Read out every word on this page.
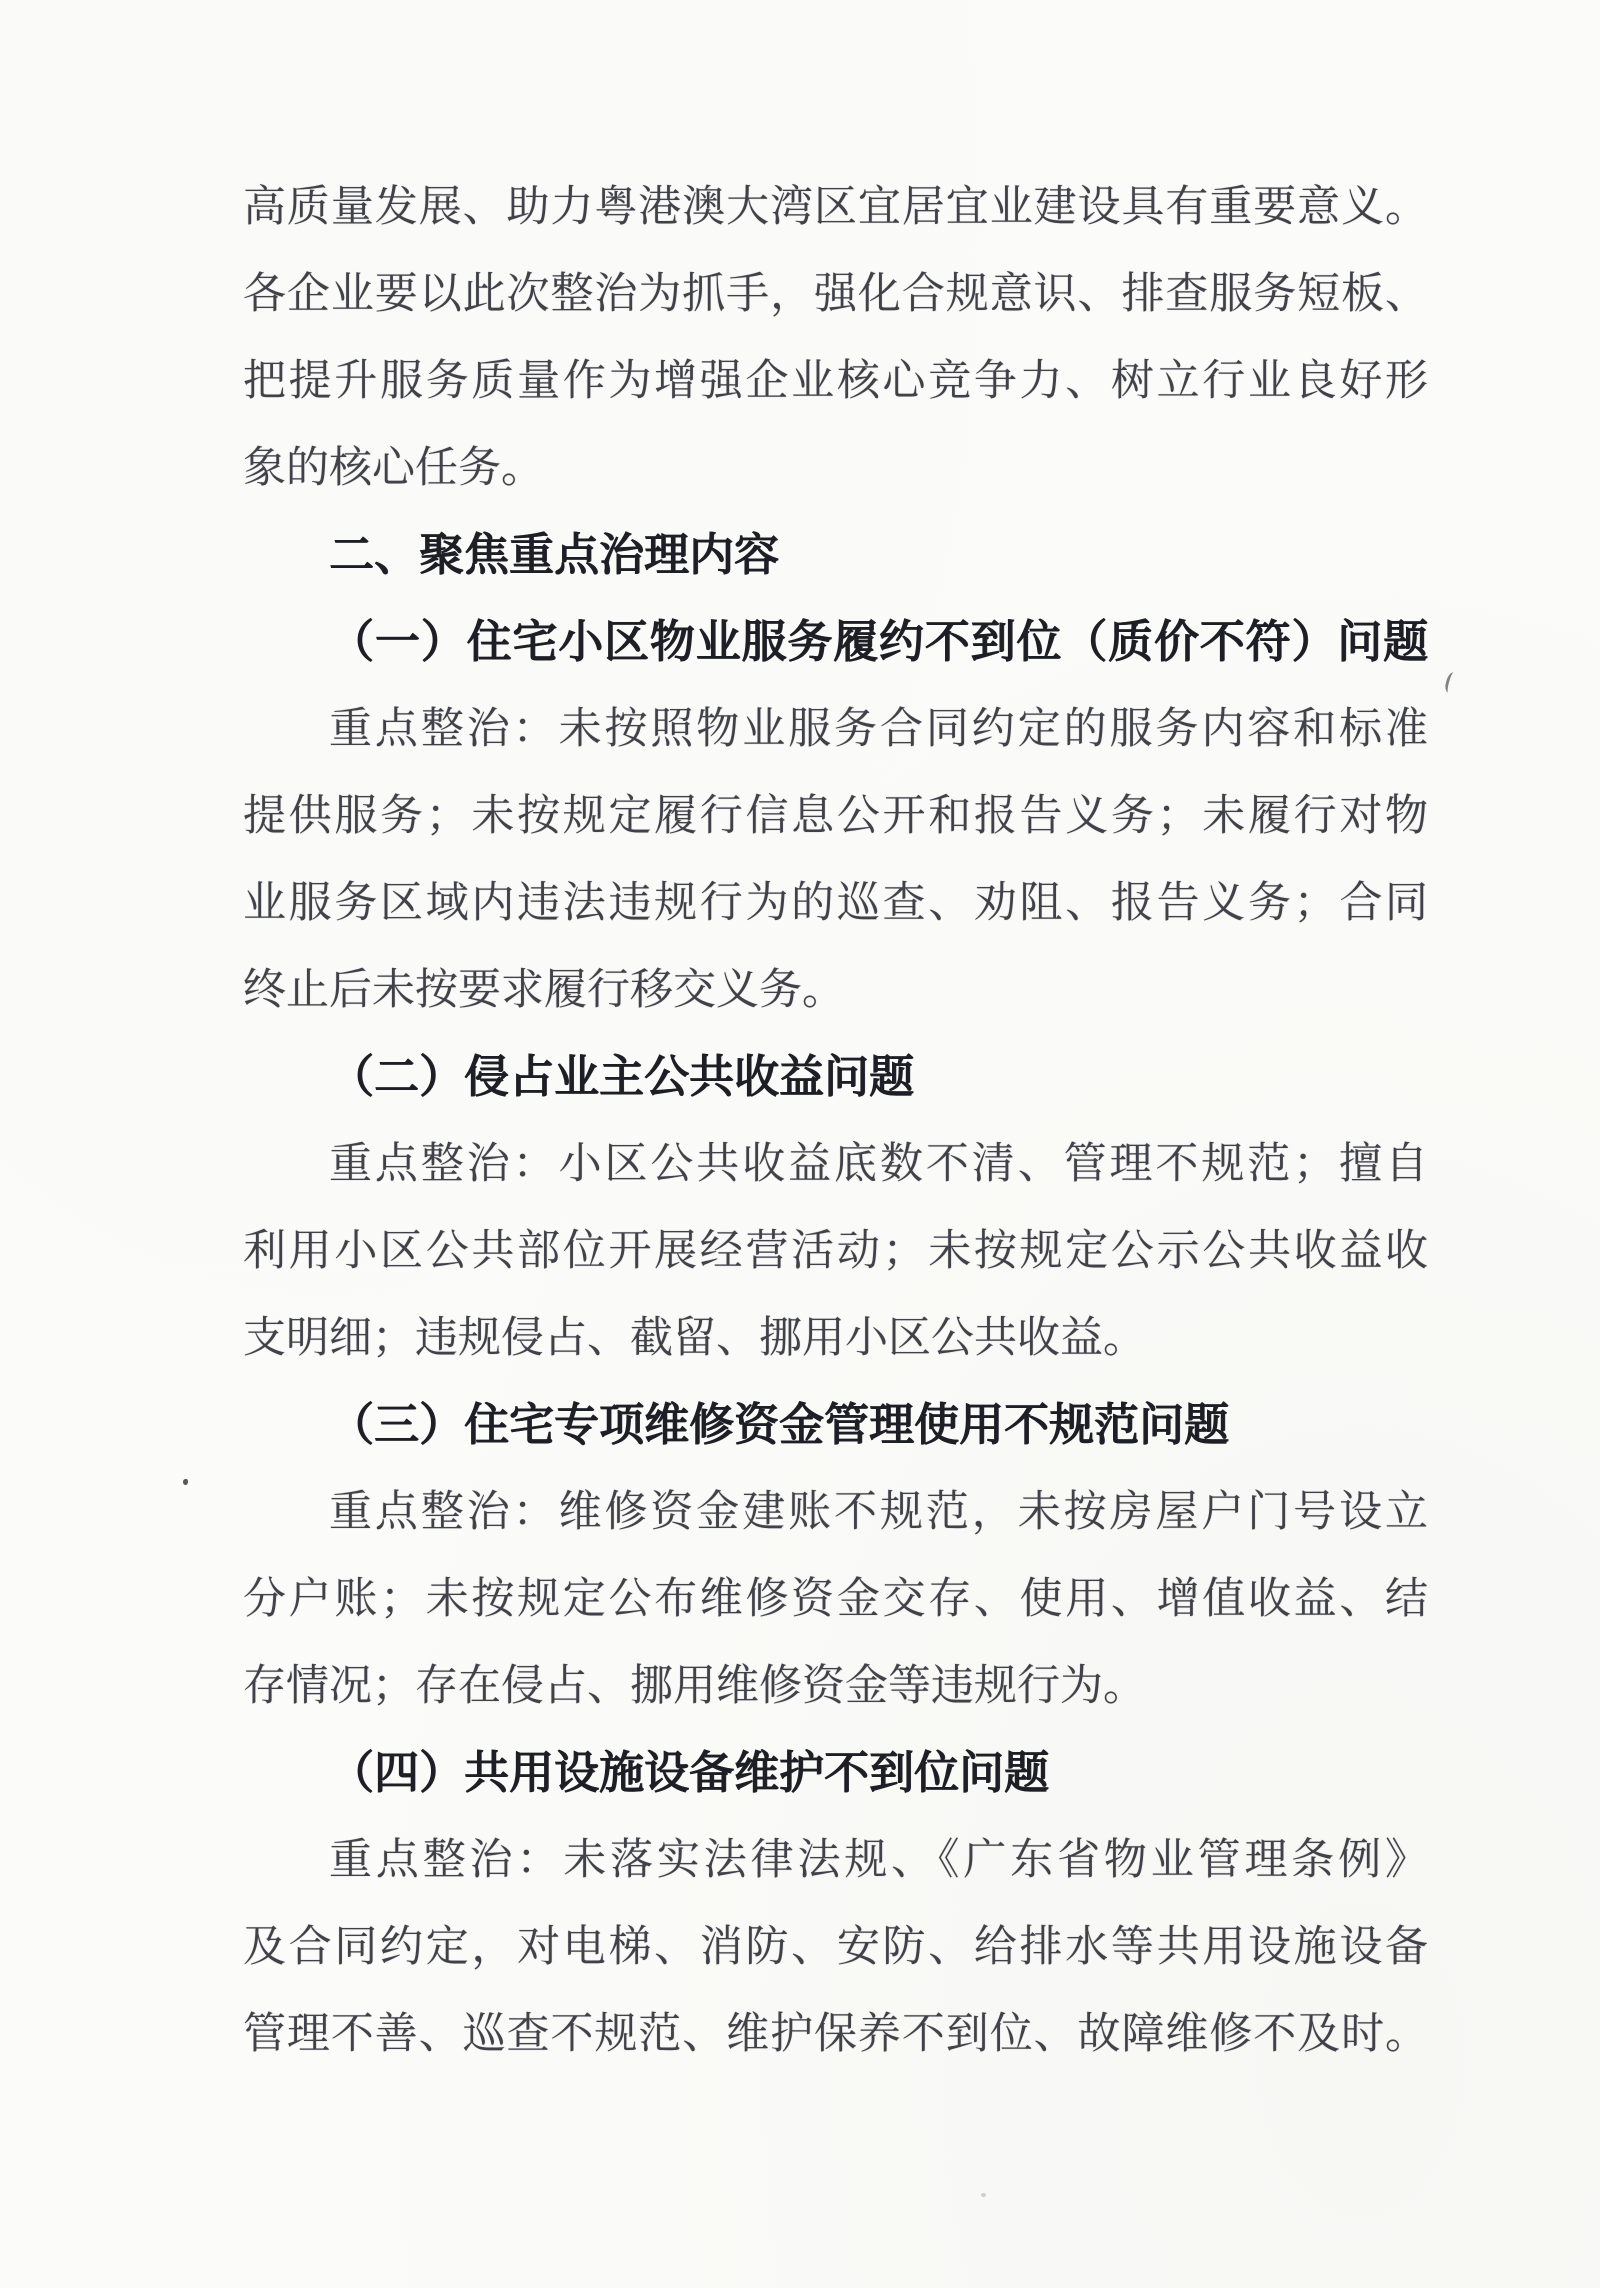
高质量发展、助力粤港澳大湾区宜居宜业建设具有重要意义。
各企业要以此次整治为抓手，强化合规意识、排查服务短板、
把提升服务质量作为增强企业核心竞争力、树立行业良好形
象的核心任务。
二、聚焦重点治理内容
（一）住宅小区物业服务履约不到位（质价不符）问题
重点整治：未按照物业服务合同约定的服务内容和标准
提供服务；未按规定履行信息公开和报告义务；未履行对物
业服务区域内违法违规行为的巡查、劝阻、报告义务；合同
终止后未按要求履行移交义务。
（二）侵占业主公共收益问题
重点整治：小区公共收益底数不清、管理不规范；擅自
利用小区公共部位开展经营活动；未按规定公示公共收益收
支明细；违规侵占、截留、挪用小区公共收益。
（三）住宅专项维修资金管理使用不规范问题
重点整治：维修资金建账不规范，未按房屋户门号设立
分户账；未按规定公布维修资金交存、使用、增值收益、结
存情况；存在侵占、挪用维修资金等违规行为。
（四）共用设施设备维护不到位问题
重点整治：未落实法律法规、《广东省物业管理条例》
及合同约定，对电梯、消防、安防、给排水等共用设施设备
管理不善、巡查不规范、维护保养不到位、故障维修不及时。
